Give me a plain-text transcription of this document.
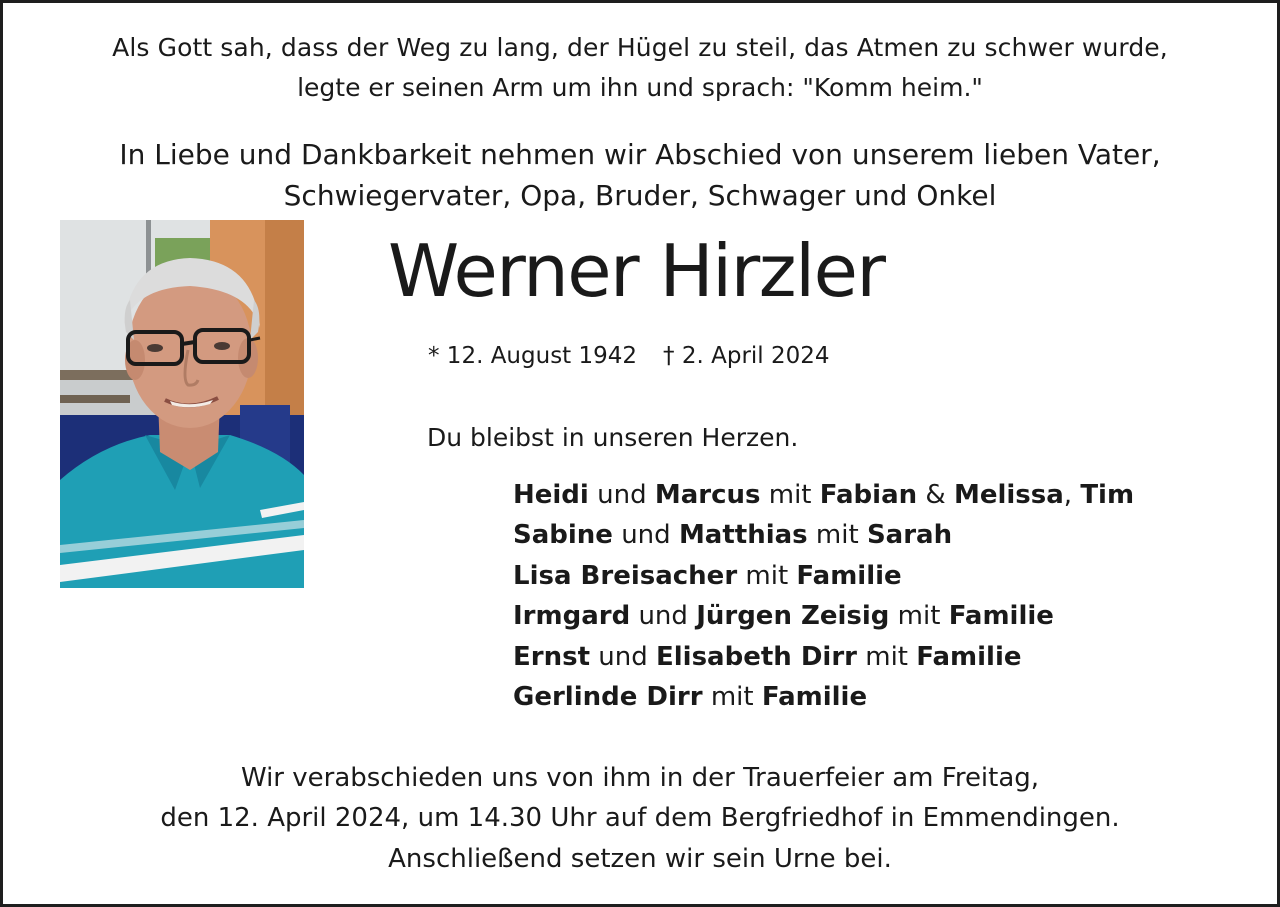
Als Gott sah, dass der Weg zu lang, der Hügel zu steil, das Atmen zu schwer wurde,
legte er seinen Arm um ihn und sprach: "Komm heim."
In Liebe und Dankbarkeit nehmen wir Abschied von unserem lieben Vater,
Schwiegervater, Opa, Bruder, Schwager und Onkel
Werner Hirzler
* 12. August 1942 † 2. April 2024
Du bleibst in unseren Herzen.
Heidi und Marcus mit Fabian & Melissa, Tim
Sabine und Matthias mit Sarah
Lisa Breisacher mit Familie
Irmgard und Jürgen Zeisig mit Familie
Ernst und Elisabeth Dirr mit Familie
Gerlinde Dirr mit Familie
Wir verabschieden uns von ihm in der Trauerfeier am Freitag,
den 12. April 2024, um 14.30 Uhr auf dem Bergfriedhof in Emmendingen.
Anschließend setzen wir sein Urne bei.
